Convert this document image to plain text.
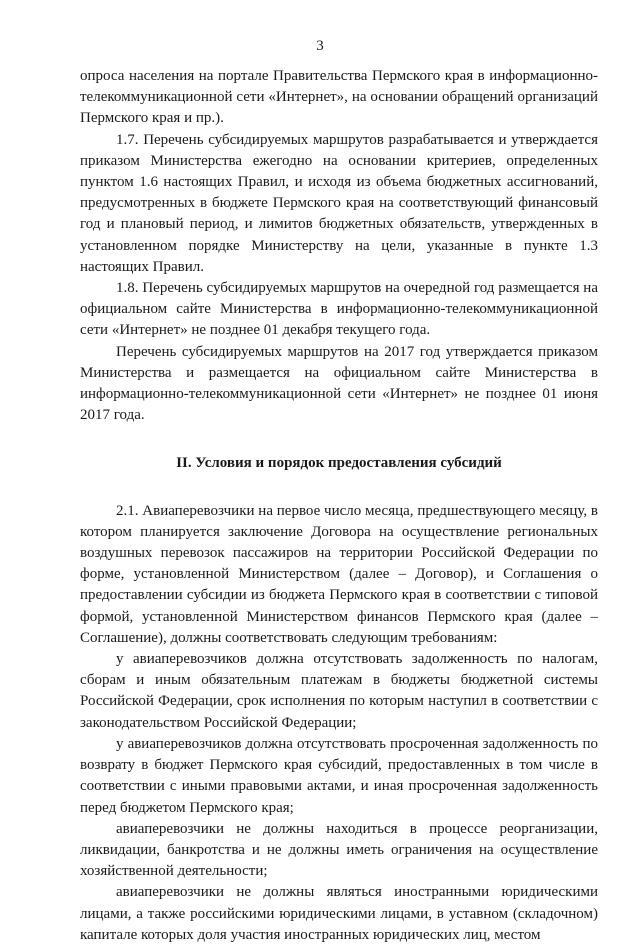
3

опроса населения на портале Правительства Пермского края в информационно-телекоммуникационной сети «Интернет», на основании обращений организаций Пермского края и пр.).

1.7. Перечень субсидируемых маршрутов разрабатывается и утверждается приказом Министерства ежегодно на основании критериев, определенных пунктом 1.6 настоящих Правил, и исходя из объема бюджетных ассигнований, предусмотренных в бюджете Пермского края на соответствующий финансовый год и плановый период, и лимитов бюджетных обязательств, утвержденных в установленном порядке Министерству на цели, указанные в пункте 1.3 настоящих Правил.

1.8. Перечень субсидируемых маршрутов на очередной год размещается на официальном сайте Министерства в информационно-телекоммуникационной сети «Интернет» не позднее 01 декабря текущего года.

Перечень субсидируемых маршрутов на 2017 год утверждается приказом Министерства и размещается на официальном сайте Министерства в информационно-телекоммуникационной сети «Интернет» не позднее 01 июня 2017 года.

II. Условия и порядок предоставления субсидий

2.1. Авиаперевозчики на первое число месяца, предшествующего месяцу, в котором планируется заключение Договора на осуществление региональных воздушных перевозок пассажиров на территории Российской Федерации по форме, установленной Министерством (далее – Договор), и Соглашения о предоставлении субсидии из бюджета Пермского края в соответствии с типовой формой, установленной Министерством финансов Пермского края (далее – Соглашение), должны соответствовать следующим требованиям:

у авиаперевозчиков должна отсутствовать задолженность по налогам, сборам и иным обязательным платежам в бюджеты бюджетной системы Российской Федерации, срок исполнения по которым наступил в соответствии с законодательством Российской Федерации;

у авиаперевозчиков должна отсутствовать просроченная задолженность по возврату в бюджет Пермского края субсидий, предоставленных в том числе в соответствии с иными правовыми актами, и иная просроченная задолженность перед бюджетом Пермского края;

авиаперевозчики не должны находиться в процессе реорганизации, ликвидации, банкротства и не должны иметь ограничения на осуществление хозяйственной деятельности;

авиаперевозчики не должны являться иностранными юридическими лицами, а также российскими юридическими лицами, в уставном (складочном) капитале которых доля участия иностранных юридических лиц, местом
